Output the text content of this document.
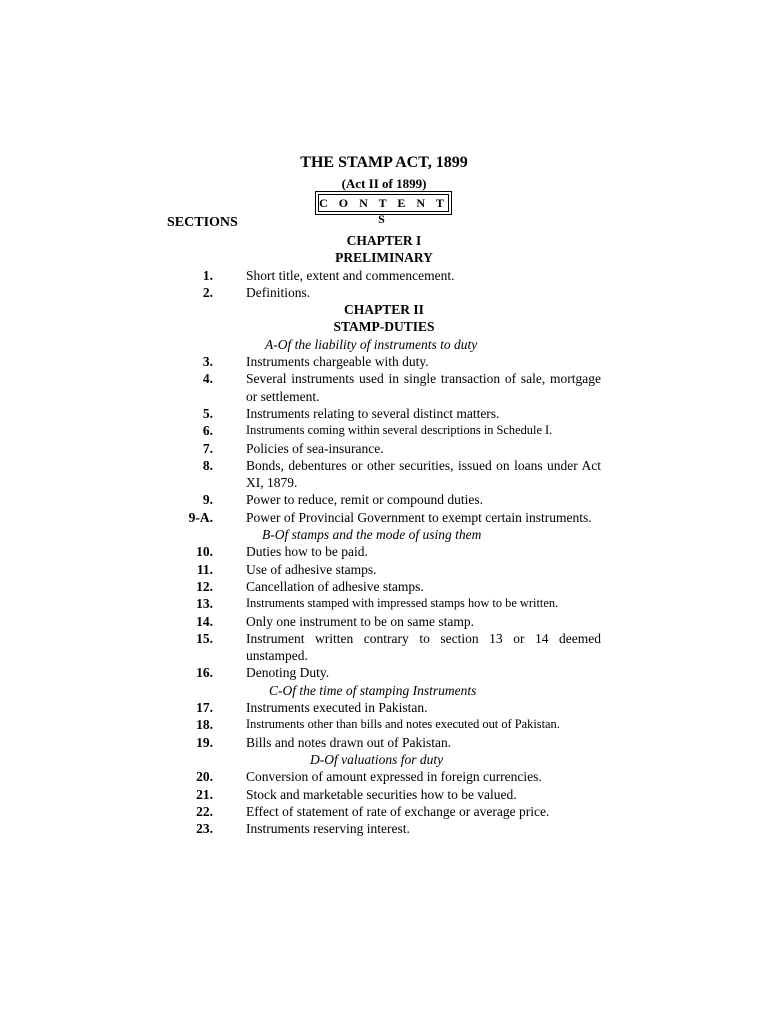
THE STAMP ACT, 1899
(Act II of 1899)
C O N T E N T S
SECTIONS
CHAPTER I
PRELIMINARY
1.	Short title, extent and commencement.
2.	Definitions.
CHAPTER II
STAMP-DUTIES
A-Of the liability of instruments to duty
3.	Instruments chargeable with duty.
4.	Several instruments used in single transaction of sale, mortgage or settlement.
5.	Instruments relating to several distinct matters.
6.	Instruments coming within several descriptions in Schedule I.
7.	Policies of sea-insurance.
8.	Bonds, debentures or other securities, issued on loans under Act XI, 1879.
9.	Power to reduce, remit or compound duties.
9-A.	Power of Provincial Government to exempt certain instruments.
B-Of stamps and the mode of using them
10.	Duties how to be paid.
11.	Use of adhesive stamps.
12.	Cancellation of adhesive stamps.
13.	Instruments stamped with impressed stamps how to be written.
14.	Only one instrument to be on same stamp.
15.	Instrument written contrary to section 13 or 14 deemed unstamped.
16.	Denoting Duty.
C-Of the time of stamping Instruments
17.	Instruments executed in Pakistan.
18.	Instruments other than bills and notes executed out of Pakistan.
19.	Bills and notes drawn out of Pakistan.
D-Of valuations for duty
20.	Conversion of amount expressed in foreign currencies.
21.	Stock and marketable securities how to be valued.
22.	Effect of statement of rate of exchange or average price.
23.	Instruments reserving interest.
